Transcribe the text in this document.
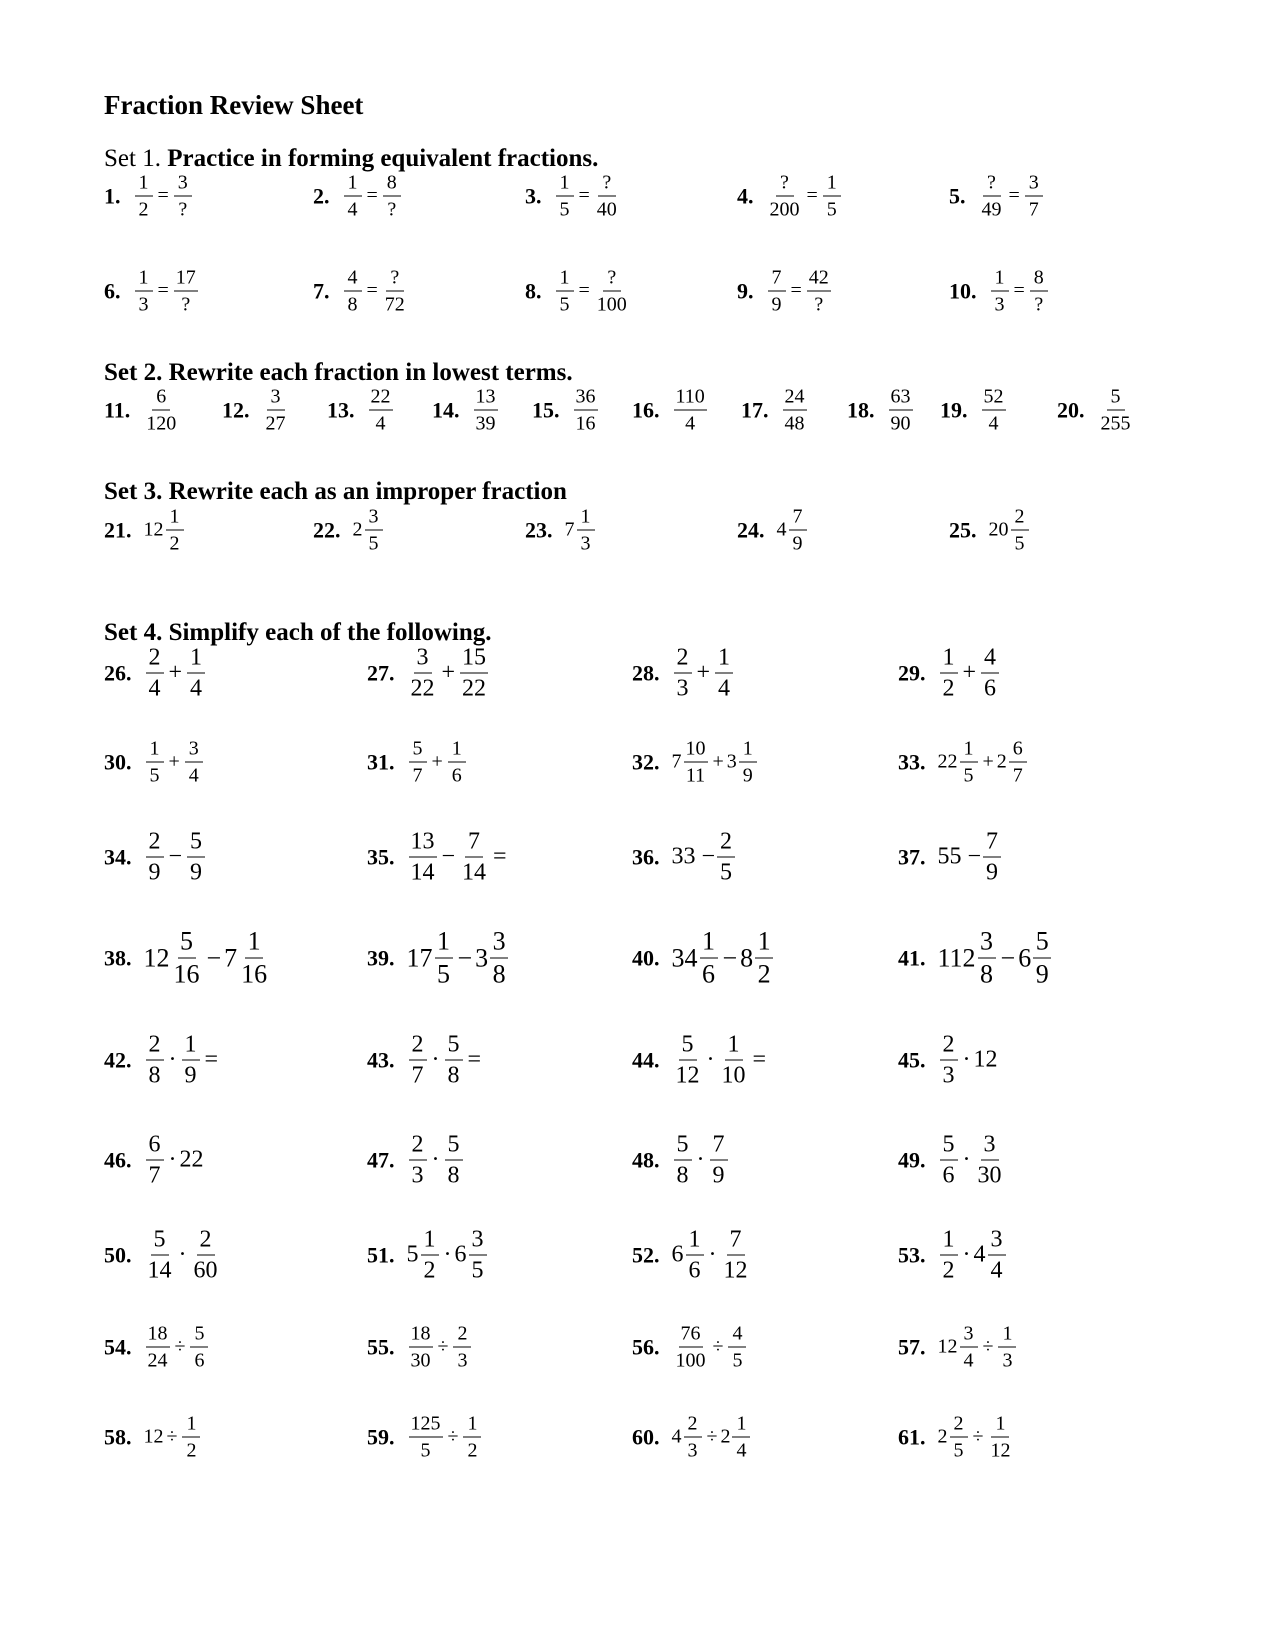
Fraction Review Sheet
Set 1. Practice in forming equivalent fractions.
Set 2. Rewrite each fraction in lowest terms.
Set 3. Rewrite each as an improper fraction
Set 4. Simplify each of the following.
1. $\frac{1}{2} = \frac{3}{?}$	2. $\frac{1}{4} = \frac{8}{?}$	3. $\frac{1}{5} = \frac{?}{40}$	4. $\frac{?}{200} = \frac{1}{5}$	5. $\frac{?}{49} = \frac{3}{7}$
6. $\frac{1}{3} = \frac{17}{?}$	7. $\frac{4}{8} = \frac{?}{72}$	8. $\frac{1}{5} = \frac{?}{100}$	9. $\frac{7}{9} = \frac{42}{?}$	10. $\frac{1}{3} = \frac{8}{?}$
11. $\frac{6}{120} 12$. $\frac{3}{27} 13$. $\frac{22}{4} 14$. $\frac{13}{39} 15$. $\frac{36}{16} 16$. $\frac{110}{4} 17$. $\frac{24}{48} 18$. $\frac{63}{90} 19$. $\frac{52}{4} 20$. $\frac{5}{255}$
21. $12 \frac{1}{2}$	22. $2 \frac{3}{5}$	23. $7 \frac{1}{3}$	24. $4 \frac{7}{9}$	25. $20 \frac{2}{5}$
26. $\frac{2}{4} + \frac{1}{4}$	27. $\frac{3}{22} + \frac{15}{22}$	28. $\frac{2}{3} + \frac{1}{4}$	29. $\frac{1}{2} + \frac{4}{6}$
30. $\frac{1}{5} + \frac{3}{4}$	31. $\frac{5}{7} + \frac{1}{6}$	32. $7 \frac{10}{11} + 3 \frac{1}{9}$	33. $22 \frac{1}{5} + 2 \frac{6}{7}$
34. $\frac{2}{9} - \frac{5}{9}$	35. $\frac{13}{14} - \frac{7}{14}$ =	36. $33 - \frac{2}{5}$	37. $55 - \frac{7}{9}$
38. $12 \frac{5}{16} - 7 \frac{1}{16}$	39. $17 \frac{1}{5} - 3 \frac{3}{8}$	40. $34 \frac{1}{6} - 8 \frac{1}{2}$	41. $112 \frac{3}{8} - 6 \frac{5}{9}$
42. $\frac{2}{8} \cdot \frac{1}{9}$ =	43. $\frac{2}{7} \cdot \frac{5}{8}$ =	44. $\frac{5}{12} \cdot \frac{1}{10}$ =	45. $\frac{2}{3} \cdot 12$
46. $\frac{6}{7} \cdot 22$	47. $\frac{2}{3} \cdot \frac{5}{8}$	48. $\frac{5}{8} \cdot \frac{7}{9}$	49. $\frac{5}{6} \cdot \frac{3}{30}$
50. $\frac{5}{14} \cdot \frac{2}{60}$	51. $5 \frac{1}{2} \cdot 6 \frac{3}{5}$	52. $6 \frac{1}{6} \cdot \frac{7}{12}$	53. $\frac{1}{2} \cdot 4 \frac{3}{4}$
54. $\frac{18}{24} \div \frac{5}{6}$	55. $\frac{18}{30} \div \frac{2}{3}$	56. $\frac{76}{100} \div \frac{4}{5}$	57. $12 \frac{3}{4} \div \frac{1}{3}$
58. $12 \div \frac{1}{2}$	59. $\frac{125}{5} \div \frac{1}{2}$	60. $4 \frac{2}{3} \div 2 \frac{1}{4}$	61. $2 \frac{2}{5} \div \frac{1}{12}$
